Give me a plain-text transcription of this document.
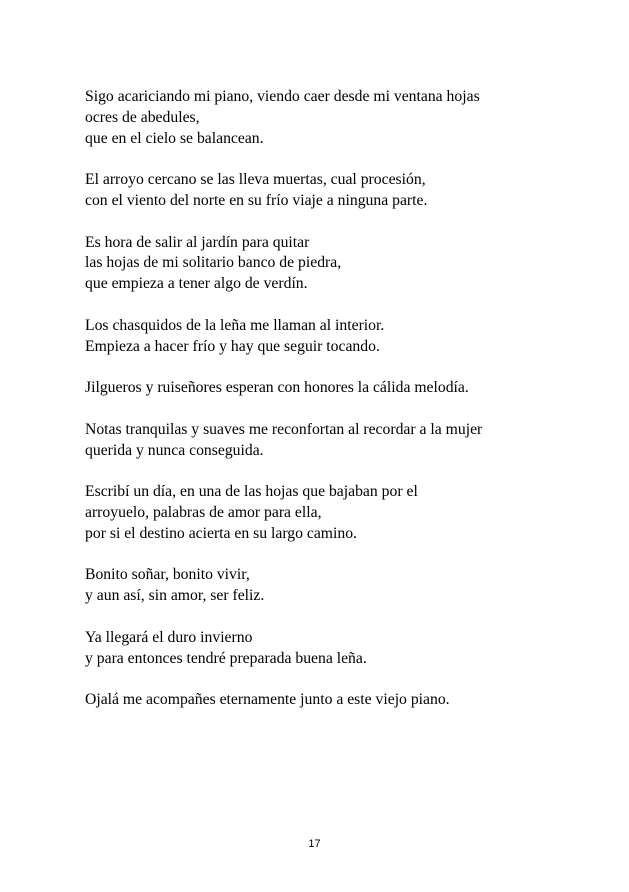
Sigo acariciando mi piano, viendo caer desde mi ventana hojas
ocres de abedules,
que en el cielo se balancean.

El arroyo cercano se las lleva muertas, cual procesión,
con el viento del norte en su frío viaje a ninguna parte.

Es hora de salir al jardín para quitar
las hojas de mi solitario banco de piedra,
que empieza a tener algo de verdín.

Los chasquidos de la leña me llaman al interior.
Empieza a hacer frío y hay que seguir tocando.

Jilgueros y ruiseñores esperan con honores la cálida melodía.

Notas tranquilas y suaves me reconfortan al recordar a la mujer
querida y nunca conseguida.

Escribí un día, en una de las hojas que bajaban por el
arroyuelo, palabras de amor para ella,
por si el destino acierta en su largo camino.

Bonito soñar, bonito vivir,
y aun así, sin amor, ser feliz.

Ya llegará el duro invierno
y para entonces tendré preparada buena leña.

Ojalá me acompañes eternamente junto a este viejo piano.

17
